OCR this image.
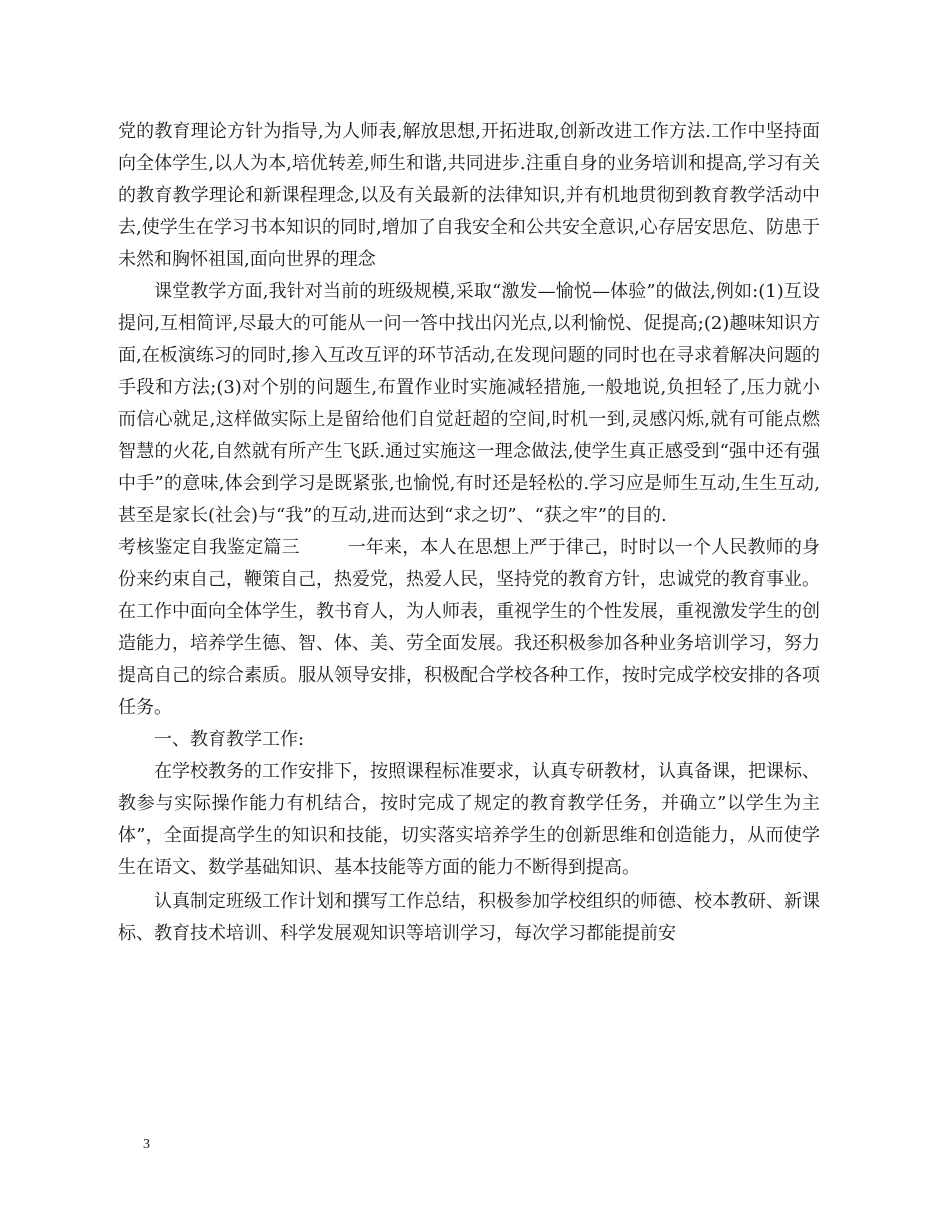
党的教育理论方针为指导,为人师表,解放思想,开拓进取,创新改进工作方法.工作中坚持面向全体学生,以人为本,培优转差,师生和谐,共同进步.注重自身的业务培训和提高,学习有关的教育教学理论和新课程理念,以及有关最新的法律知识,并有机地贯彻到教育教学活动中去,使学生在学习书本知识的同时,增加了自我安全和公共安全意识,心存居安思危、防患于未然和胸怀祖国,面向世界的理念

课堂教学方面,我针对当前的班级规模,采取“激发—愉悦—体验”的做法,例如:(1)互设提问,互相简评,尽最大的可能从一问一答中找出闪光点,以利愉悦、促提高;(2)趣味知识方面,在板演练习的同时,掺入互改互评的环节活动,在发现问题的同时也在寻求着解决问题的手段和方法;(3)对个别的问题生,布置作业时实施减轻措施,一般地说,负担轻了,压力就小而信心就足,这样做实际上是留给他们自觉赶超的空间,时机一到,灵感闪烁,就有可能点燃智慧的火花,自然就有所产生飞跃.通过实施这一理念做法,使学生真正感受到“强中还有强中手”的意味,体会到学习是既紧张,也愉悦,有时还是轻松的.学习应是师生互动,生生互动,甚至是家长(社会)与“我”的互动,进而达到“求之切”、“获之牢”的目的.

考核鉴定自我鉴定篇三	一年来，本人在思想上严于律己，时时以一个人民教师的身份来约束自己，鞭策自己，热爱党，热爱人民，坚持党的教育方针，忠诚党的教育事业。在工作中面向全体学生，教书育人，为人师表，重视学生的个性发展，重视激发学生的创造能力，培养学生德、智、体、美、劳全面发展。我还积极参加各种业务培训学习，努力提高自己的综合素质。服从领导安排，积极配合学校各种工作，按时完成学校安排的各项任务。

一、教育教学工作:

在学校教务的工作安排下，按照课程标准要求，认真专研教材，认真备课，把课标、教参与实际操作能力有机结合，按时完成了规定的教育教学任务，并确立”以学生为主体”，全面提高学生的知识和技能，切实落实培养学生的创新思维和创造能力，从而使学生在语文、数学基础知识、基本技能等方面的能力不断得到提高。

认真制定班级工作计划和撰写工作总结，积极参加学校组织的师德、校本教研、新课标、教育技术培训、科学发展观知识等培训学习，每次学习都能提前安

3
